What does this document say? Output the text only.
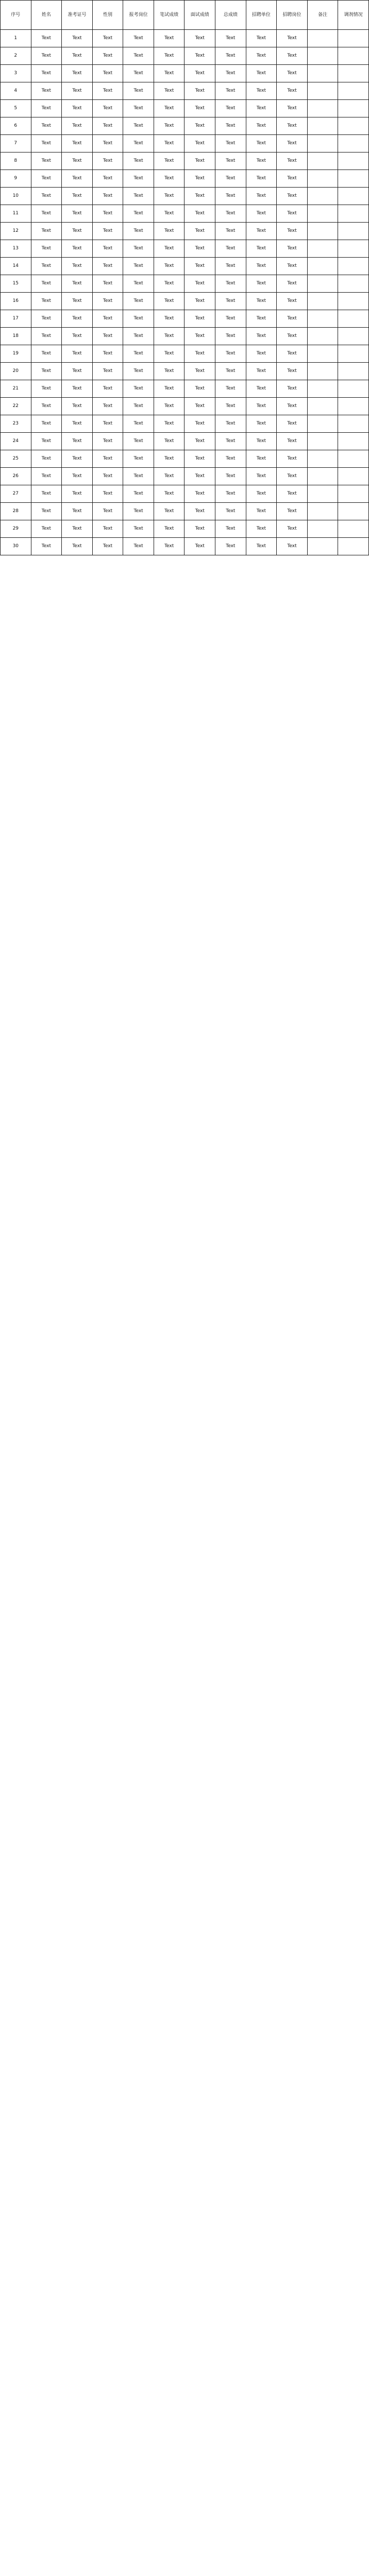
序号	姓名	准考证号	性别	报考岗位	笔试成绩	面试成绩	总成绩	招聘单位	招聘岗位	备注	调剂情况
1	Text	Text	Text	Text	Text	Text	Text	Text	Text		
2	Text	Text	Text	Text	Text	Text	Text	Text	Text		
3	Text	Text	Text	Text	Text	Text	Text	Text	Text		
4	Text	Text	Text	Text	Text	Text	Text	Text	Text		
5	Text	Text	Text	Text	Text	Text	Text	Text	Text		
6	Text	Text	Text	Text	Text	Text	Text	Text	Text		
7	Text	Text	Text	Text	Text	Text	Text	Text	Text		
8	Text	Text	Text	Text	Text	Text	Text	Text	Text		
9	Text	Text	Text	Text	Text	Text	Text	Text	Text		
10	Text	Text	Text	Text	Text	Text	Text	Text	Text		
11	Text	Text	Text	Text	Text	Text	Text	Text	Text		
12	Text	Text	Text	Text	Text	Text	Text	Text	Text		
13	Text	Text	Text	Text	Text	Text	Text	Text	Text		
14	Text	Text	Text	Text	Text	Text	Text	Text	Text		
15	Text	Text	Text	Text	Text	Text	Text	Text	Text		
16	Text	Text	Text	Text	Text	Text	Text	Text	Text		
17	Text	Text	Text	Text	Text	Text	Text	Text	Text		
18	Text	Text	Text	Text	Text	Text	Text	Text	Text		
19	Text	Text	Text	Text	Text	Text	Text	Text	Text		
20	Text	Text	Text	Text	Text	Text	Text	Text	Text		
21	Text	Text	Text	Text	Text	Text	Text	Text	Text		
22	Text	Text	Text	Text	Text	Text	Text	Text	Text		
23	Text	Text	Text	Text	Text	Text	Text	Text	Text		
24	Text	Text	Text	Text	Text	Text	Text	Text	Text		
25	Text	Text	Text	Text	Text	Text	Text	Text	Text		
26	Text	Text	Text	Text	Text	Text	Text	Text	Text		
27	Text	Text	Text	Text	Text	Text	Text	Text	Text		
28	Text	Text	Text	Text	Text	Text	Text	Text	Text		
29	Text	Text	Text	Text	Text	Text	Text	Text	Text		
30	Text	Text	Text	Text	Text	Text	Text	Text	Text		
